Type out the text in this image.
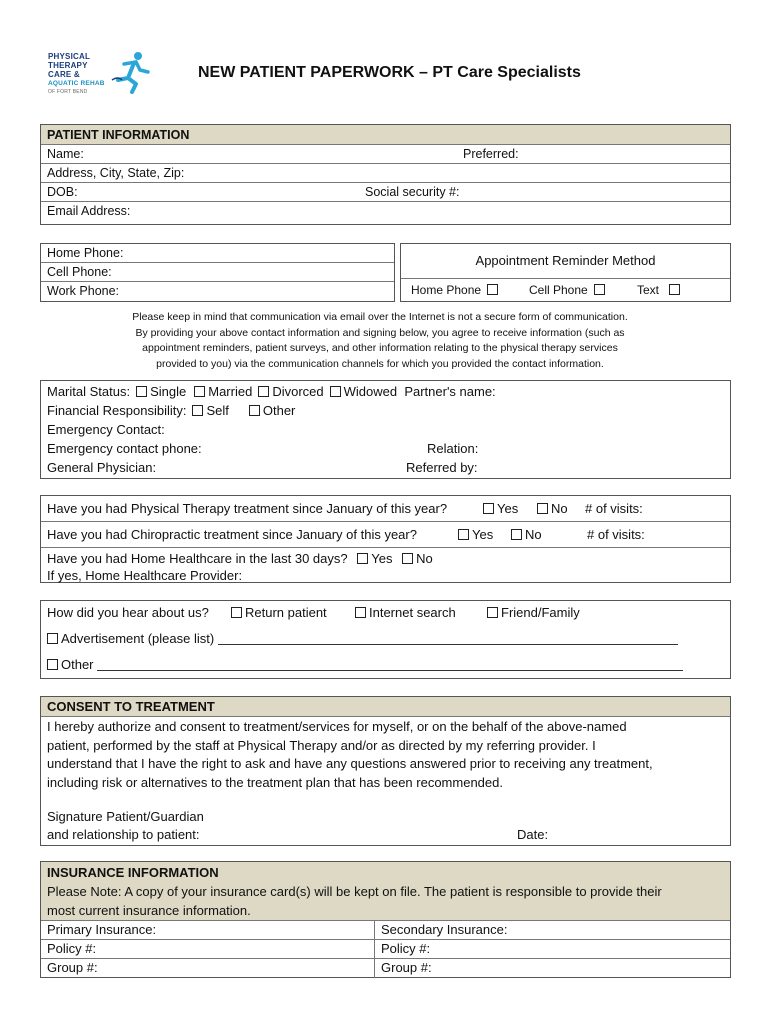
PHYSICAL
THERAPY
CARE &
AQUATIC REHAB
OF FORT BEND
NEW PATIENT PAPERWORK – PT Care Specialists
PATIENT INFORMATION
Name:	Preferred:
Address, City, State, Zip:
DOB:	Social security #:
Email Address:
Home Phone:
Cell Phone:
Work Phone:
Appointment Reminder Method
Home Phone	Cell Phone	Text
Please keep in mind that communication via email over the Internet is not a secure form of communication.
By providing your above contact information and signing below, you agree to receive information (such as
appointment reminders, patient surveys, and other information relating to the physical therapy services
provided to you) via the communication channels for which you provided the contact information.
Marital Status: Single Married Divorced Widowed Partner's name:
Financial Responsibility: Self	Other
Emergency Contact:
Emergency contact phone:	Relation:
General Physician:	Referred by:
Have you had Physical Therapy treatment since January of this year?	Yes	No # of visits:
Have you had Chiropractic treatment since January of this year?	Yes	No	# of visits:
Have you had Home Healthcare in the last 30 days? Yes No
If yes, Home Healthcare Provider:
How did you hear about us?	Return patient	Internet search	Friend/Family
Advertisement (please list)
Other
CONSENT TO TREATMENT
I hereby authorize and consent to treatment/services for myself, or on the behalf of the above-named
patient, performed by the staff at Physical Therapy and/or as directed by my referring provider. I
understand that I have the right to ask and have any questions answered prior to receiving any treatment,
including risk or alternatives to the treatment plan that has been recommended.
Signature Patient/Guardian
and relationship to patient:	Date:
INSURANCE INFORMATION
Please Note: A copy of your insurance card(s) will be kept on file. The patient is responsible to provide their
most current insurance information.
Primary Insurance:	Secondary Insurance:
Policy #:	Policy #:
Group #:	Group #:
